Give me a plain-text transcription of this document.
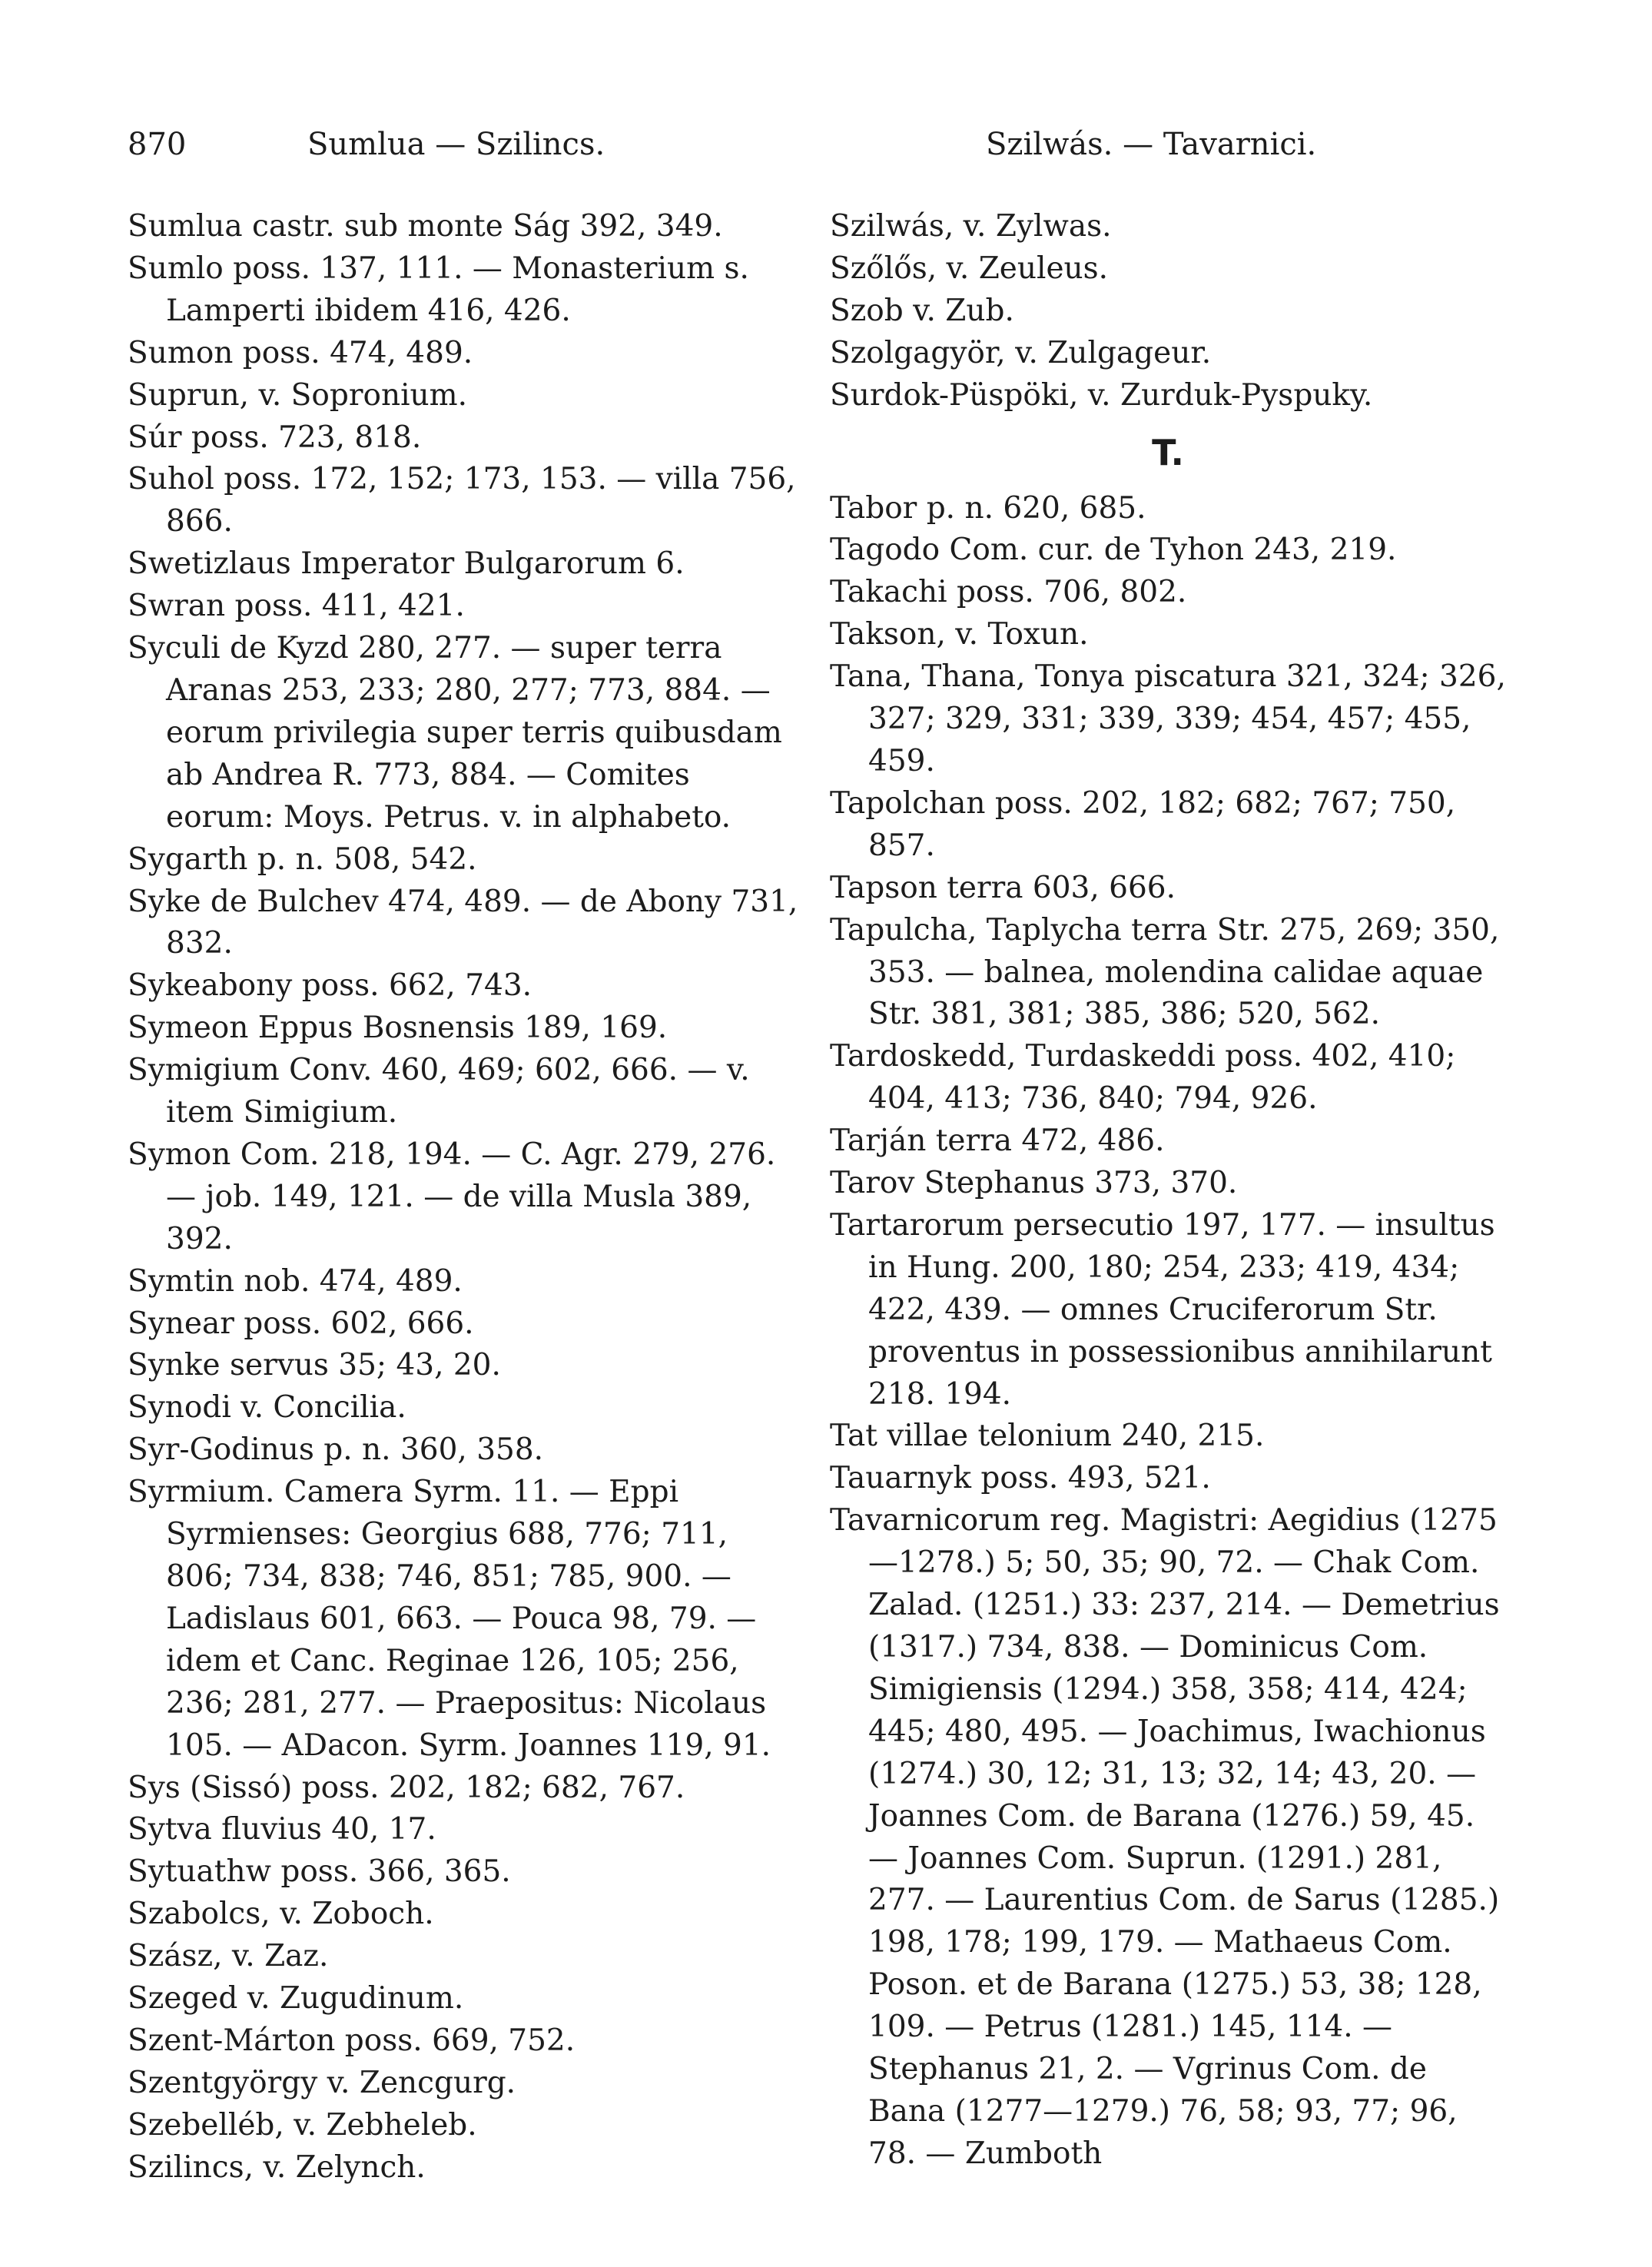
870	Sumlua — Szilincs.	Szilwás. — Tavarnici.

Sumlua castr. sub monte Ság 392, 349.

Sumlo poss. 137, 111. — Monasterium s. Lamperti ibidem 416, 426.

Sumon poss. 474, 489.

Suprun, v. Sopronium.

Súr poss. 723, 818.

Suhol poss. 172, 152; 173, 153. — villa 756, 866.

Swetizlaus Imperator Bulgarorum 6.

Swran poss. 411, 421.

Syculi de Kyzd 280, 277. — super terra Aranas 253, 233; 280, 277; 773, 884. — eorum privilegia super terris quibusdam ab Andrea R. 773, 884. — Comites eorum: Moys. Petrus. v. in alphabeto.

Sygarth p. n. 508, 542.

Syke de Bulchev 474, 489. — de Abony 731, 832.

Sykeabony poss. 662, 743.

Symeon Eppus Bosnensis 189, 169.

Symigium Conv. 460, 469; 602, 666. — v. item Simigium.

Symon Com. 218, 194. — C. Agr. 279, 276. — job. 149, 121. — de villa Musla 389, 392.

Symtin nob. 474, 489.

Synear poss. 602, 666.

Synke servus 35; 43, 20.

Synodi v. Concilia.

Syr-Godinus p. n. 360, 358.

Syrmium. Camera Syrm. 11. — Eppi Syrmienses: Georgius 688, 776; 711, 806; 734, 838; 746, 851; 785, 900. — Ladislaus 601, 663. — Pouca 98, 79. — idem et Canc. Reginae 126, 105; 256, 236; 281, 277. — Praepositus: Nicolaus 105. — ADacon. Syrm. Joannes 119, 91.

Sys (Sissó) poss. 202, 182; 682, 767.

Sytva fluvius 40, 17.

Sytuathw poss. 366, 365.

Szabolcs, v. Zoboch.

Szász, v. Zaz.

Szeged v. Zugudinum.

Szent-Márton poss. 669, 752.

Szentgyörgy v. Zencgurg.

Szebelléb, v. Zebheleb.

Szilincs, v. Zelynch.

Szilwás, v. Zylwas.

Szőlős, v. Zeuleus.

Szob v. Zub.

Szolgagyör, v. Zulgageur.

Surdok-Püspöki, v. Zurduk-Pyspuky.

T.

Tabor p. n. 620, 685.

Tagodo Com. cur. de Tyhon 243, 219.

Takachi poss. 706, 802.

Takson, v. Toxun.

Tana, Thana, Tonya piscatura 321, 324; 326, 327; 329, 331; 339, 339; 454, 457; 455, 459.

Tapolchan poss. 202, 182; 682; 767; 750, 857.

Tapson terra 603, 666.

Tapulcha, Taplycha terra Str. 275, 269; 350, 353. — balnea, molendina calidae aquae Str. 381, 381; 385, 386; 520, 562.

Tardoskedd, Turdaskeddi poss. 402, 410; 404, 413; 736, 840; 794, 926.

Tarján terra 472, 486.

Tarov Stephanus 373, 370.

Tartarorum persecutio 197, 177. — insultus in Hung. 200, 180; 254, 233; 419, 434; 422, 439. — omnes Cruciferorum Str. proventus in possessionibus annihilarunt 218. 194.

Tat villae telonium 240, 215.

Tauarnyk poss. 493, 521.

Tavarnicorum reg. Magistri: Aegidius (1275—1278.) 5; 50, 35; 90, 72. — Chak Com. Zalad. (1251.) 33: 237, 214. — Demetrius (1317.) 734, 838. — Dominicus Com. Simigiensis (1294.) 358, 358; 414, 424; 445; 480, 495. — Joachimus, Iwachionus (1274.) 30, 12; 31, 13; 32, 14; 43, 20. — Joannes Com. de Barana (1276.) 59, 45. — Joannes Com. Suprun. (1291.) 281, 277. — Laurentius Com. de Sarus (1285.) 198, 178; 199, 179. — Mathaeus Com. Poson. et de Barana (1275.) 53, 38; 128, 109. — Petrus (1281.) 145, 114. — Stephanus 21, 2. — Vgrinus Com. de Bana (1277—1279.) 76, 58; 93, 77; 96, 78. — Zumboth
